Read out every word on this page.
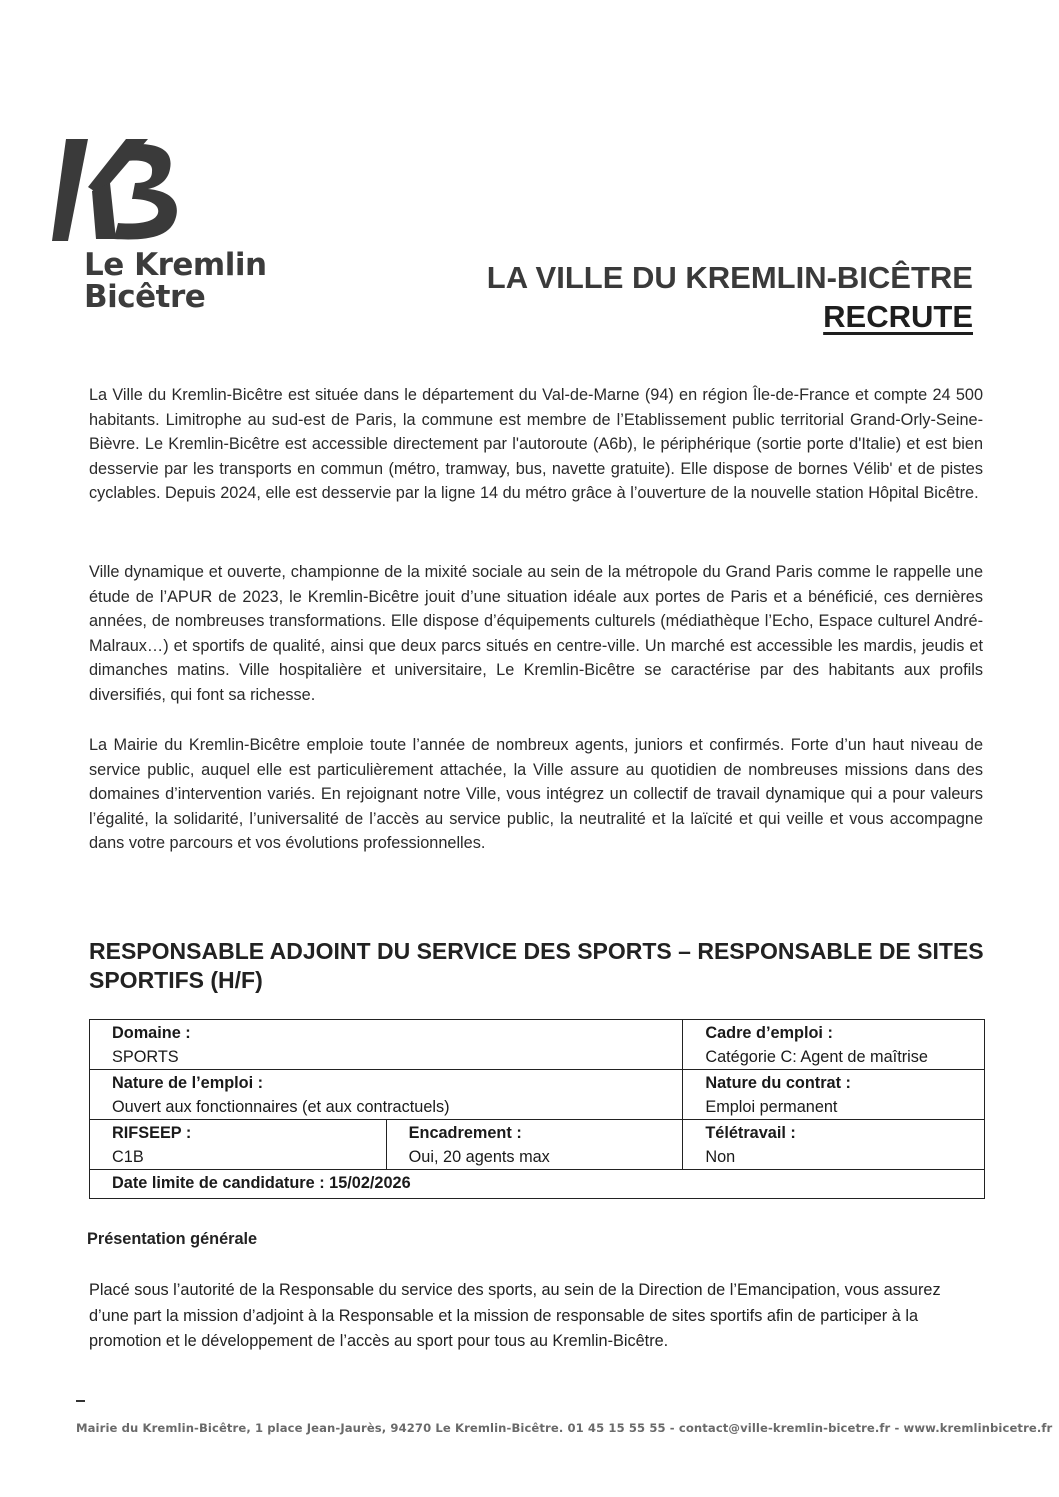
Le Kremlin
Bicêtre
LA VILLE DU KREMLIN-BICÊTRE
RECRUTE

La Ville du Kremlin-Bicêtre est située dans le département du Val-de-Marne (94) en région Île-de-France et compte 24 500 habitants. Limitrophe au sud-est de Paris, la commune est membre de l’Etablissement public territorial Grand-Orly-Seine-Bièvre. Le Kremlin-Bicêtre est accessible directement par l'autoroute (A6b), le périphérique (sortie porte d'Italie) et est bien desservie par les transports en commun (métro, tramway, bus, navette gratuite). Elle dispose de bornes Vélib' et de pistes cyclables. Depuis 2024, elle est desservie par la ligne 14 du métro grâce à l’ouverture de la nouvelle station Hôpital Bicêtre.

Ville dynamique et ouverte, championne de la mixité sociale au sein de la métropole du Grand Paris comme le rappelle une étude de l’APUR de 2023, le Kremlin-Bicêtre jouit d’une situation idéale aux portes de Paris et a bénéficié, ces dernières années, de nombreuses transformations. Elle dispose d’équipements culturels (médiathèque l’Echo, Espace culturel André-Malraux…) et sportifs de qualité, ainsi que deux parcs situés en centre-ville. Un marché est accessible les mardis, jeudis et dimanches matins. Ville hospitalière et universitaire, Le Kremlin-Bicêtre se caractérise par des habitants aux profils diversifiés, qui font sa richesse.

La Mairie du Kremlin-Bicêtre emploie toute l’année de nombreux agents, juniors et confirmés. Forte d’un haut niveau de service public, auquel elle est particulièrement attachée, la Ville assure au quotidien de nombreuses missions dans des domaines d’intervention variés. En rejoignant notre Ville, vous intégrez un collectif de travail dynamique qui a pour valeurs l’égalité, la solidarité, l’universalité de l’accès au service public, la neutralité et la laïcité et qui veille et vous accompagne dans votre parcours et vos évolutions professionnelles.

RESPONSABLE ADJOINT DU SERVICE DES SPORTS – RESPONSABLE DE SITES SPORTIFS (H/F)
Domaine :
SPORTS		Cadre d’emploi :
Catégorie C: Agent de maîtrise

Nature de l’emploi :
Ouvert aux fonctionnaires (et aux contractuels)		Nature du contrat :
Emploi permanent

RIFSEEP :
C1B	Encadrement :
Oui, 20 agents max	Télétravail :
Non

Date limite de candidature : 15/02/2026		
Présentation générale
Placé sous l’autorité de la Responsable du service des sports, au sein de la Direction de l’Emancipation, vous assurez d’une part la mission d’adjoint à la Responsable et la mission de responsable de sites sportifs afin de participer à la promotion et le développement de l’accès au sport pour tous au Kremlin-Bicêtre.
Mairie du Kremlin-Bicêtre, 1 place Jean-Jaurès, 94270 Le Kremlin-Bicêtre. 01 45 15 55 55 - contact@ville-kremlin-bicetre.fr - www.kremlinbicetre.fr
